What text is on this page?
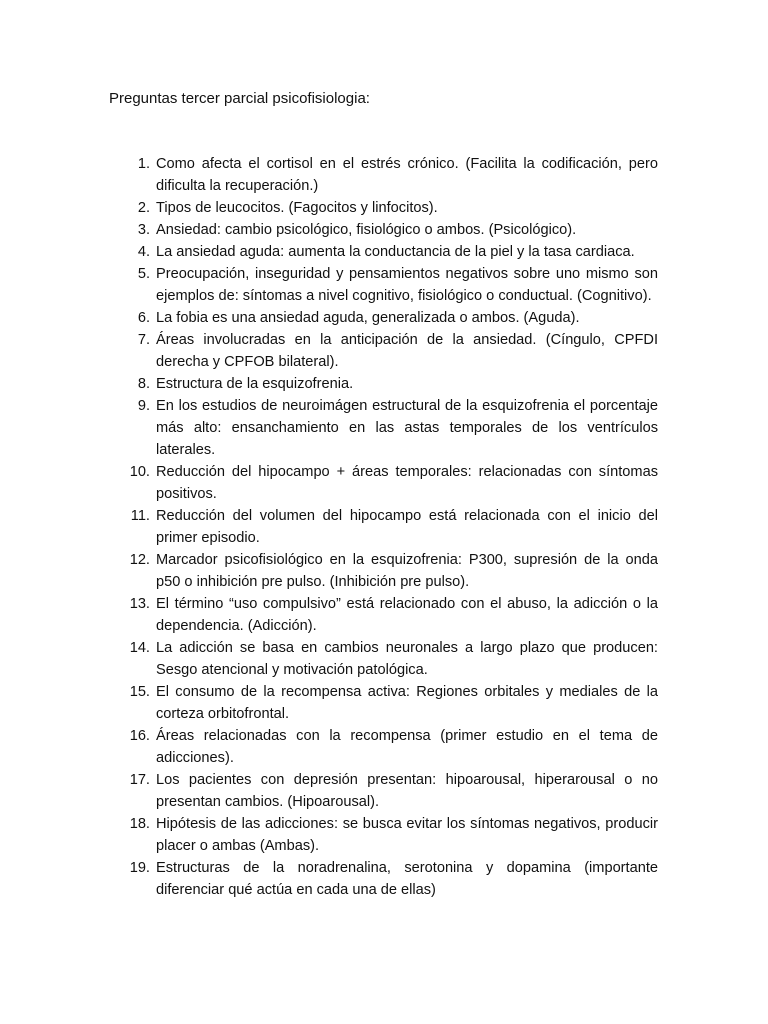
Preguntas tercer parcial psicofisiologia:
1. Como afecta el cortisol en el estrés crónico. (Facilita la codificación, pero dificulta la recuperación.)
2. Tipos de leucocitos. (Fagocitos y linfocitos).
3. Ansiedad: cambio psicológico, fisiológico o ambos. (Psicológico).
4. La ansiedad aguda: aumenta la conductancia de la piel y la tasa cardiaca.
5. Preocupación, inseguridad y pensamientos negativos sobre uno mismo son ejemplos de: síntomas a nivel cognitivo, fisiológico o conductual. (Cognitivo).
6. La fobia es una ansiedad aguda, generalizada o ambos. (Aguda).
7. Áreas involucradas en la anticipación de la ansiedad. (Cíngulo, CPFDI derecha y CPFOB bilateral).
8. Estructura de la esquizofrenia.
9. En los estudios de neuroimágen estructural de la esquizofrenia el porcentaje más alto: ensanchamiento en las astas temporales de los ventrículos laterales.
10. Reducción del hipocampo + áreas temporales: relacionadas con síntomas positivos.
11. Reducción del volumen del hipocampo está relacionada con el inicio del primer episodio.
12. Marcador psicofisiológico en la esquizofrenia: P300, supresión de la onda p50 o inhibición pre pulso. (Inhibición pre pulso).
13. El término “uso compulsivo” está relacionado con el abuso, la adicción o la dependencia. (Adicción).
14. La adicción se basa en cambios neuronales a largo plazo que producen: Sesgo atencional y motivación patológica.
15. El consumo de la recompensa activa: Regiones orbitales y mediales de la corteza orbitofrontal.
16. Áreas relacionadas con la recompensa (primer estudio en el tema de adicciones).
17. Los pacientes con depresión presentan: hipoarousal, hiperarousal o no presentan cambios. (Hipoarousal).
18. Hipótesis de las adicciones: se busca evitar los síntomas negativos, producir placer o ambas (Ambas).
19. Estructuras de la noradrenalina, serotonina y dopamina (importante diferenciar qué actúa en cada una de ellas)
